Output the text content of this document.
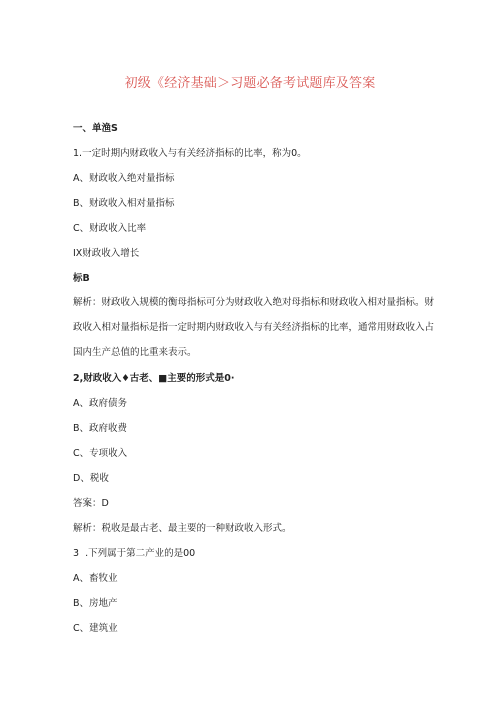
初级《经济基础＞习题必备考试题库及答案
一、单渔S
1.一定时期内财政收入与有关经济指标的比率，称为0。
A、财政收入绝对量指标
B、财政收入相对量指标
C、财政收入比率
IX财政收入增长
标B
解析：财政收入规模的衡母指标可分为财政收入绝对母指标和财政收入相对量指标。财政收入相对量指标是指一定时期内财政收入与有关经济指标的比率，通常用财政收入占国内生产总值的比重来表示。
2,财政收入♦古老、■主要的形式是0·
A、政府债务
B、政府收费
C、专项收入
D、税收
答案：D
解析：税收是最古老、最主要的一种财政收入形式。
3  .下列属于第二产业的是00
A、畜牧业
B、房地产
C、建筑业
